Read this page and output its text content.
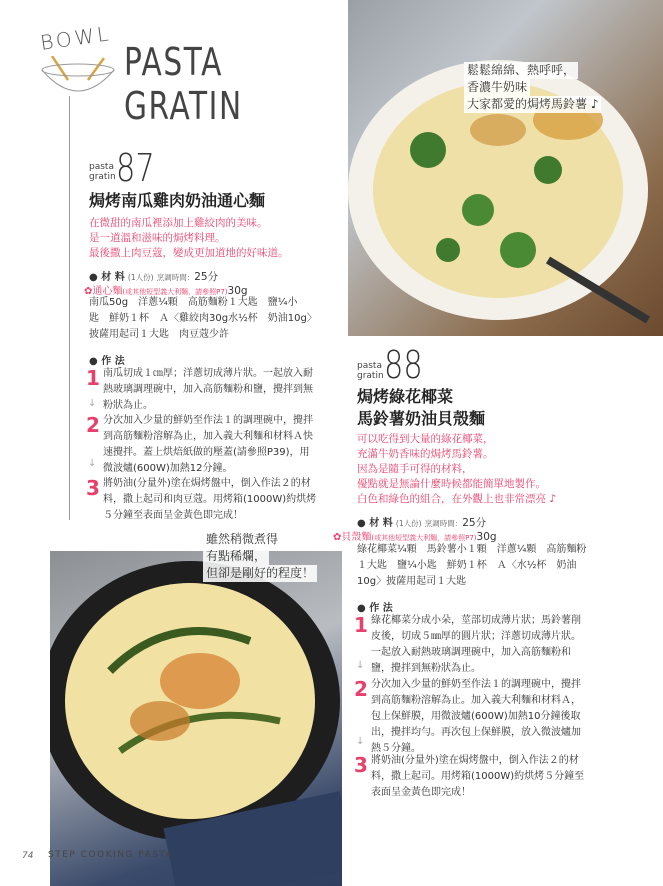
BOWL
PASTA
GRATIN
鬆鬆綿綿、熱呼呼，
香濃牛奶味
大家都愛的焗烤馬鈴薯 ♪
雖然稍微煮得
有點稀爛，
但卻是剛好的程度！
pasta
gratin 87
焗烤南瓜雞肉奶油通心麵
在微甜的南瓜裡添加上雞絞肉的美味。
是一道溫和滋味的焗烤料理。
最後撒上肉豆蔻，變成更加道地的好味道。
● 材 料 (1人份) 烹調時間：25分
✿通心麵(或其他短型義大利麵，請參照P7)30g
南瓜50g　洋蔥¼顆　高筋麵粉１大匙　鹽¼小
匙　鮮奶１杯　Ａ〈雞絞肉30g水½杯　奶油10g〉
披薩用起司１大匙　肉豆蔻少許
● 作 法
1 南瓜切成１㎝厚；洋蔥切成薄片狀。一起放入耐
熱玻璃調理碗中，加入高筋麵粉和鹽，攪拌到無
粉狀為止。
↓
2 分次加入少量的鮮奶至作法１的調理碗中，攪拌
到高筋麵粉溶解為止，加入義大利麵和材料Ａ快
速攪拌。蓋上烘焙紙做的壓蓋(請參照P39)，用
微波爐(600W)加熱12分鐘。
↓
3 將奶油(分量外)塗在焗烤盤中，倒入作法２的材
料，撒上起司和肉豆蔻。用烤箱(1000W)約烘烤
５分鐘至表面呈金黃色即完成！
pasta
gratin 88
焗烤綠花椰菜
馬鈴薯奶油貝殼麵
可以吃得到大量的綠花椰菜，
充滿牛奶香味的焗烤馬鈴薯。
因為是隨手可得的材料，
優點就是無論什麼時候都能簡單地製作。
白色和綠色的組合，在外觀上也非常漂亮 ♪
● 材 料 (1人份) 烹調時間：25分
✿貝殼麵(或其他短型義大利麵，請參照P7)30g
綠花椰菜¼顆　馬鈴薯小１顆　洋蔥¼顆　高筋麵粉
１大匙　鹽¼小匙　鮮奶１杯　Ａ〈水½杯　奶油
10g〉披薩用起司１大匙
● 作 法
1 綠花椰菜分成小朵，莖部切成薄片狀；馬鈴薯削
皮後，切成５㎜厚的圓片狀；洋蔥切成薄片狀。
一起放入耐熱玻璃調理碗中，加入高筋麵粉和
鹽，攪拌到無粉狀為止。
↓
2 分次加入少量的鮮奶至作法１的調理碗中，攪拌
到高筋麵粉溶解為止。加入義大利麵和材料Ａ，
包上保鮮膜，用微波爐(600W)加熱10分鐘後取
出，攪拌均勻。再次包上保鮮膜，放入微波爐加
熱５分鐘。
↓
3 將奶油(分量外)塗在焗烤盤中，倒入作法２的材
料，撒上起司。用烤箱(1000W)約烘烤５分鐘至
表面呈金黃色即完成！
74 STEP COOKING PASTA
